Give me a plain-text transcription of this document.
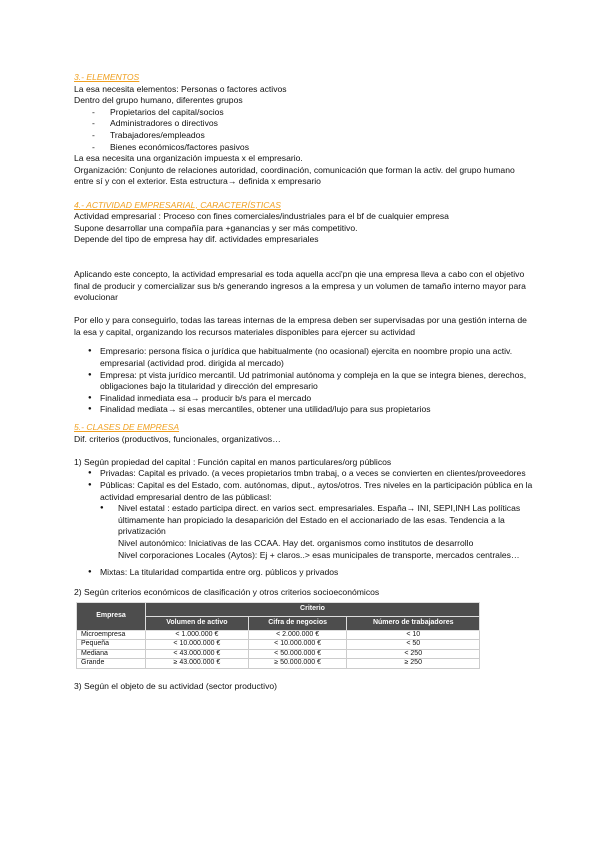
3.- ELEMENTOS

La esa necesita elementos: Personas o factores activos

Dentro del grupo humano, diferentes grupos

- Propietarios del capital/socios
- Administradores o directivos
- Trabajadores/empleados
- Bienes económicos/factores pasivos

La esa necesita una organización impuesta x el empresario.

Organización: Conjunto de relaciones autoridad, coordinación, comunicación que forman la activ. del grupo humano entre sí y con el exterior. Esta estructura→ definida x empresario

4.- ACTIVIDAD EMPRESARIAL, CARACTERÍSTICAS

Actividad empresarial : Proceso con fines comerciales/industriales para el bf de cualquier empresa

Supone desarrollar una compañía para +ganancias y ser más competitivo.

Depende del tipo de empresa hay dif. actividades empresariales

Aplicando este concepto, la actividad empresarial es toda aquella acci'pn qie una empresa lleva a cabo con el objetivo final de producir y comercializar sus b/s generando ingresos a la empresa y un volumen de tamaño interno mayor para evolucionar

Por ello y para conseguirlo, todas las tareas internas de la empresa deben ser supervisadas por una gestión interna de la esa y capital, organizando los recursos materiales disponibles para ejercer su actividad

● Empresario: persona física o jurídica que habitualmente (no ocasional) ejercita en noombre propio una activ. empresarial (actividad prod. dirigida al mercado)
● Empresa: pt vista jurídico mercantil. Ud patrimonial autónoma y compleja en la que se integra bienes, derechos, obligaciones bajo la titularidad y dirección del empresario
● Finalidad inmediata esa→ producir b/s para el mercado
● Finalidad mediata→ si esas mercantiles, obtener una utilidad/lujo para sus propietarios

5.- CLASES DE EMPRESA

Dif. criterios (productivos, funcionales, organizativos…

1) Según propiedad del capital : Función capital en manos particulares/org públicos

● Privadas: Capital es privado. (a veces propietarios tmbn trabaj, o a veces se convierten en clientes/proveedores
● Públicas: Capital es del Estado, com. autónomas, diput., aytos/otros. Tres niveles en la participación pública en la actividad empresarial dentro de las públicasl:
● Nivel estatal : estado participa direct. en varios sect. empresariales. España→ INI, SEPI,INH Las políticas últimamente han propiciado la desaparición del Estado en el accionariado de las esas. Tendencia a la privatización
Nivel autonómico: Iniciativas de las CCAA. Hay det. organismos como institutos de desarrollo
Nivel corporaciones Locales (Aytos): Ej + claros..> esas municipales de transporte, mercados centrales…
● Mixtas: La titularidad compartida entre org. públicos y privados

2) Según criterios económicos de clasificación y otros criterios socioeconómicos

Empresa	Criterio		
	Volumen de activo	Cifra de negocios	Número de trabajadores
Microempresa	< 1.000.000 €	< 2.000.000 €	< 10
Pequeña	< 10.000.000 €	< 10.000.000 €	< 50
Mediana	< 43.000.000 €	< 50.000.000 €	< 250
Grande	≥ 43.000.000 €	≥ 50.000.000 €	≥ 250

3) Según el objeto de su actividad (sector productivo)
